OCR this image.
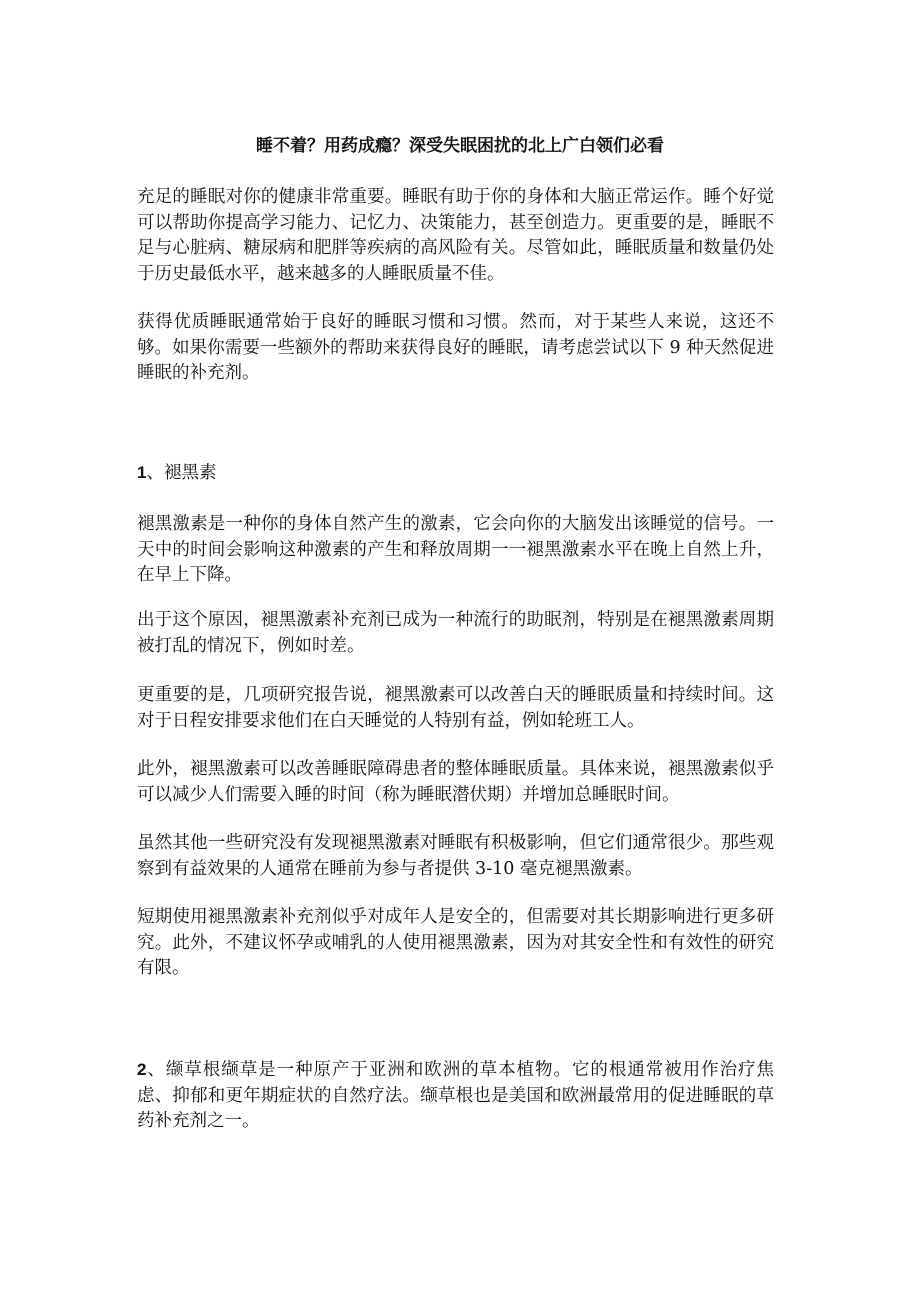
睡不着？用药成瘾？深受失眠困扰的北上广白领们必看

充足的睡眠对你的健康非常重要。睡眠有助于你的身体和大脑正常运作。睡个好觉可以帮助你提高学习能力、记忆力、决策能力，甚至创造力。更重要的是，睡眠不足与心脏病、糖尿病和肥胖等疾病的高风险有关。尽管如此，睡眠质量和数量仍处于历史最低水平，越来越多的人睡眠质量不佳。

获得优质睡眠通常始于良好的睡眠习惯和习惯。然而，对于某些人来说，这还不够。如果你需要一些额外的帮助来获得良好的睡眠，请考虑尝试以下 9 种天然促进睡眠的补充剂。

1、褪黑素

褪黑激素是一种你的身体自然产生的激素，它会向你的大脑发出该睡觉的信号。一天中的时间会影响这种激素的产生和释放周期一一褪黑激素水平在晚上自然上升，在早上下降。

出于这个原因，褪黑激素补充剂已成为一种流行的助眠剂，特别是在褪黑激素周期被打乱的情况下，例如时差。

更重要的是，几项研究报告说，褪黑激素可以改善白天的睡眠质量和持续时间。这对于日程安排要求他们在白天睡觉的人特别有益，例如轮班工人。

此外，褪黑激素可以改善睡眠障碍患者的整体睡眠质量。具体来说，褪黑激素似乎可以减少人们需要入睡的时间（称为睡眠潜伏期）并增加总睡眠时间。

虽然其他一些研究没有发现褪黑激素对睡眠有积极影响，但它们通常很少。那些观察到有益效果的人通常在睡前为参与者提供 3-10 毫克褪黑激素。

短期使用褪黑激素补充剂似乎对成年人是安全的，但需要对其长期影响进行更多研究。此外，不建议怀孕或哺乳的人使用褪黑激素，因为对其安全性和有效性的研究有限。

2、缬草根缬草是一种原产于亚洲和欧洲的草本植物。它的根通常被用作治疗焦虑、抑郁和更年期症状的自然疗法。缬草根也是美国和欧洲最常用的促进睡眠的草药补充剂之一。
